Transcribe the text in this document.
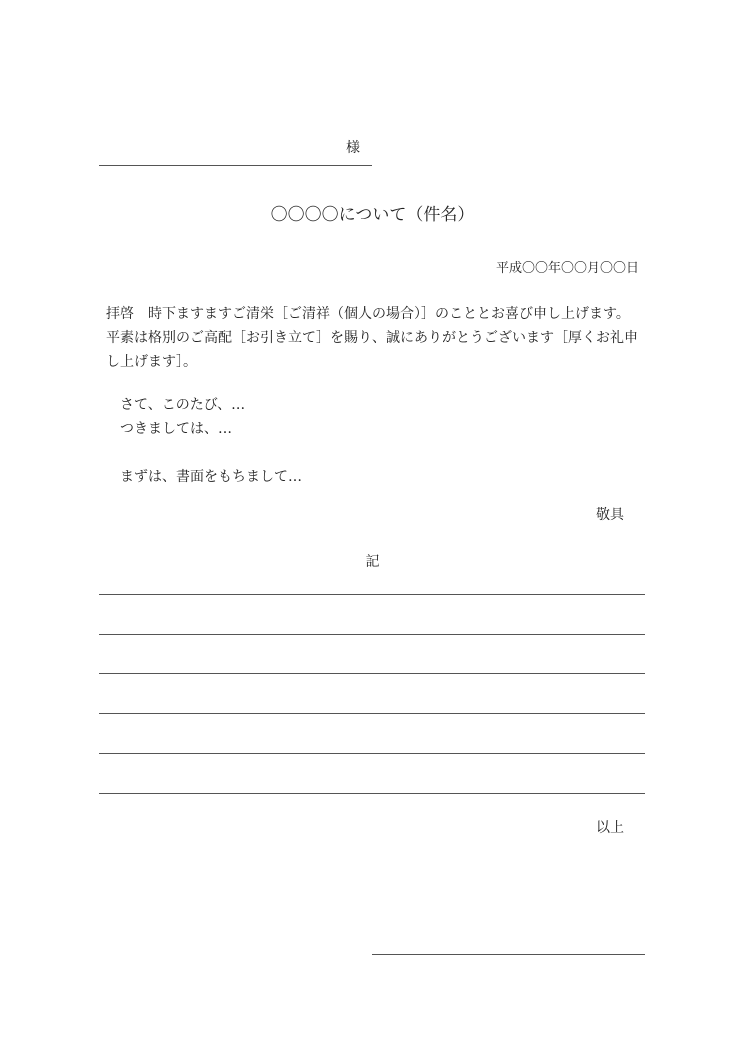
様
〇〇〇〇について（件名）
平成〇〇年〇〇月〇〇日
拝啓　時下ますますご清栄［ご清祥（個人の場合）］のこととお喜び申し上げます。
平素は格別のご高配［お引き立て］を賜り、誠にありがとうございます［厚くお礼申
し上げます］。
　さて、このたび、…
　つきましては、…

　まずは、書面をもちまして…
敬具
記
以上
